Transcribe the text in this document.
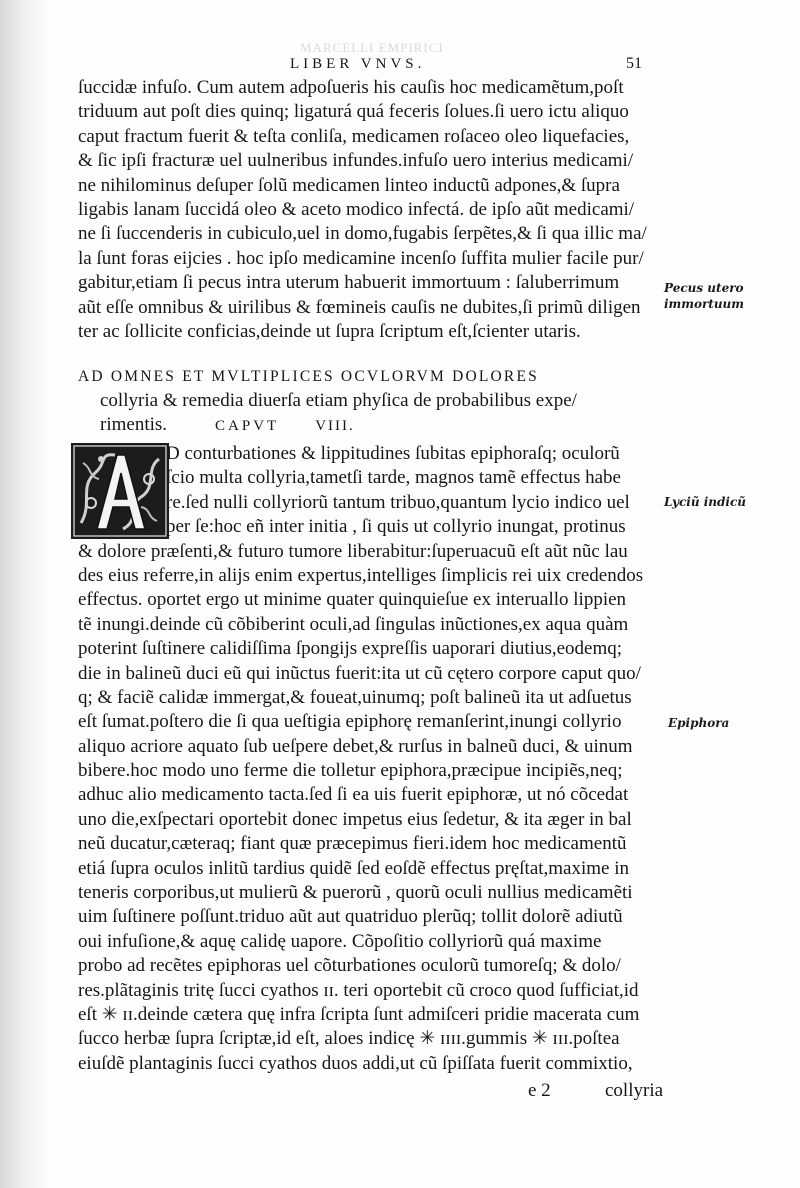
MARCELLI EMPIRICI
LIBER VNVS.	51
ſuccidæ infuſo. Cum autem adpoſueris his cauſis hoc medicamẽtum,poſt
triduum aut poſt dies quinq; ligaturá quá feceris ſolues.ſi uero ictu aliquo
caput fractum fuerit & teſta conliſa, medicamen roſaceo oleo liquefacies,
& ſic ipſi fracturæ uel uulneribus infundes.infuſo uero interius medicami/
ne nihilominus deſuper ſolũ medicamen linteo inductũ adpones,& ſupra
ligabis lanam ſuccidá oleo & aceto modico infectá. de ipſo aũt medicami/
ne ſi ſuccenderis in cubiculo,uel in domo,fugabis ſerpẽtes,& ſi qua illic ma/
la ſunt foras eijcies . hoc ipſo medicamine incenſo ſuffita mulier facile pur/
gabitur,etiam ſi pecus intra uterum habuerit immortuum : ſaluberrimum
aũt eſſe omnibus & uirilibus & fœmineis cauſis ne dubites,ſi primũ diligen
ter ac ſollicite conficias,deinde ut ſupra ſcriptum eſt,ſcienter utaris.
AD OMNES ET MVLTIPLICES OCVLORVM DOLORES
collyria & remedia diuerſa etiam phyſica de probabilibus expe/
rimentis.	CAPVT VIII.
D conturbationes & lippitudines ſubitas epiphoraſq; oculorũ
ſcio multa collyria,tametſi tarde, magnos tamẽ effectus habe
re.ſed nulli collyriorũ tantum tribuo,quantum lycio indico uel
per ſe:hoc eñ inter initia , ſi quis ut collyrio inungat, protinus
& dolore præſenti,& futuro tumore liberabitur:ſuperuacuũ eſt aũt nũc lau
des eius referre,in alijs enim expertus,intelliges ſimplicis rei uix credendos
effectus. oportet ergo ut minime quater quinquieſue ex interuallo lippien
tẽ inungi.deinde cũ cõbiberint oculi,ad ſingulas inũctiones,ex aqua quàm
poterint ſuſtinere calidiſſima ſpongijs expreſſis uaporari diutius,eodemq;
die in balineũ duci eũ qui inũctus fuerit:ita ut cũ cętero corpore caput quo/
q; & faciẽ calidæ immergat,& foueat,uinumq; poſt balineũ ita ut adſuetus
eſt ſumat.poſtero die ſi qua ueſtigia epiphorę remanſerint,inungi collyrio
aliquo acriore aquato ſub ueſpere debet,& rurſus in balneũ duci, & uinum
bibere.hoc modo uno ferme die tolletur epiphora,præcipue incipiẽs,neq;
adhuc alio medicamento tacta.ſed ſi ea uis fuerit epiphoræ, ut nó cõcedat
uno die,exſpectari oportebit donec impetus eius ſedetur, & ita æger in bal
neũ ducatur,cæteraq; fiant quæ præcepimus fieri.idem hoc medicamentũ
etiá ſupra oculos inlitũ tardius quidẽ ſed eoſdẽ effectus pręſtat,maxime in
teneris corporibus,ut mulierũ & puerorũ , quorũ oculi nullius medicamẽti
uim ſuſtinere poſſunt.triduo aũt aut quatriduo plerũq; tollit dolorẽ adiutũ
oui infuſione,& aquę calidę uapore. Cõpoſitio collyriorũ quá maxime
probo ad recẽtes epiphoras uel cõturbationes oculorũ tumoreſq; & dolo/
res.plãtaginis tritę ſucci cyathos ɪɪ. teri oportebit cũ croco quod ſufficiat,id
eſt ✳ ɪɪ.deinde cætera quę infra ſcripta ſunt admiſceri pridie macerata cum
ſucco herbæ ſupra ſcriptæ,id eſt, aloes indicę ✳ ɪɪɪɪ.gummis ✳ ɪɪɪ.poſtea
eiuſdẽ plantaginis ſucci cyathos duos addi,ut cũ ſpiſſata fuerit commixtio,
e 2	collyria
Pecus utero
immortuum
Lyciũ indicũ
Epiphora
